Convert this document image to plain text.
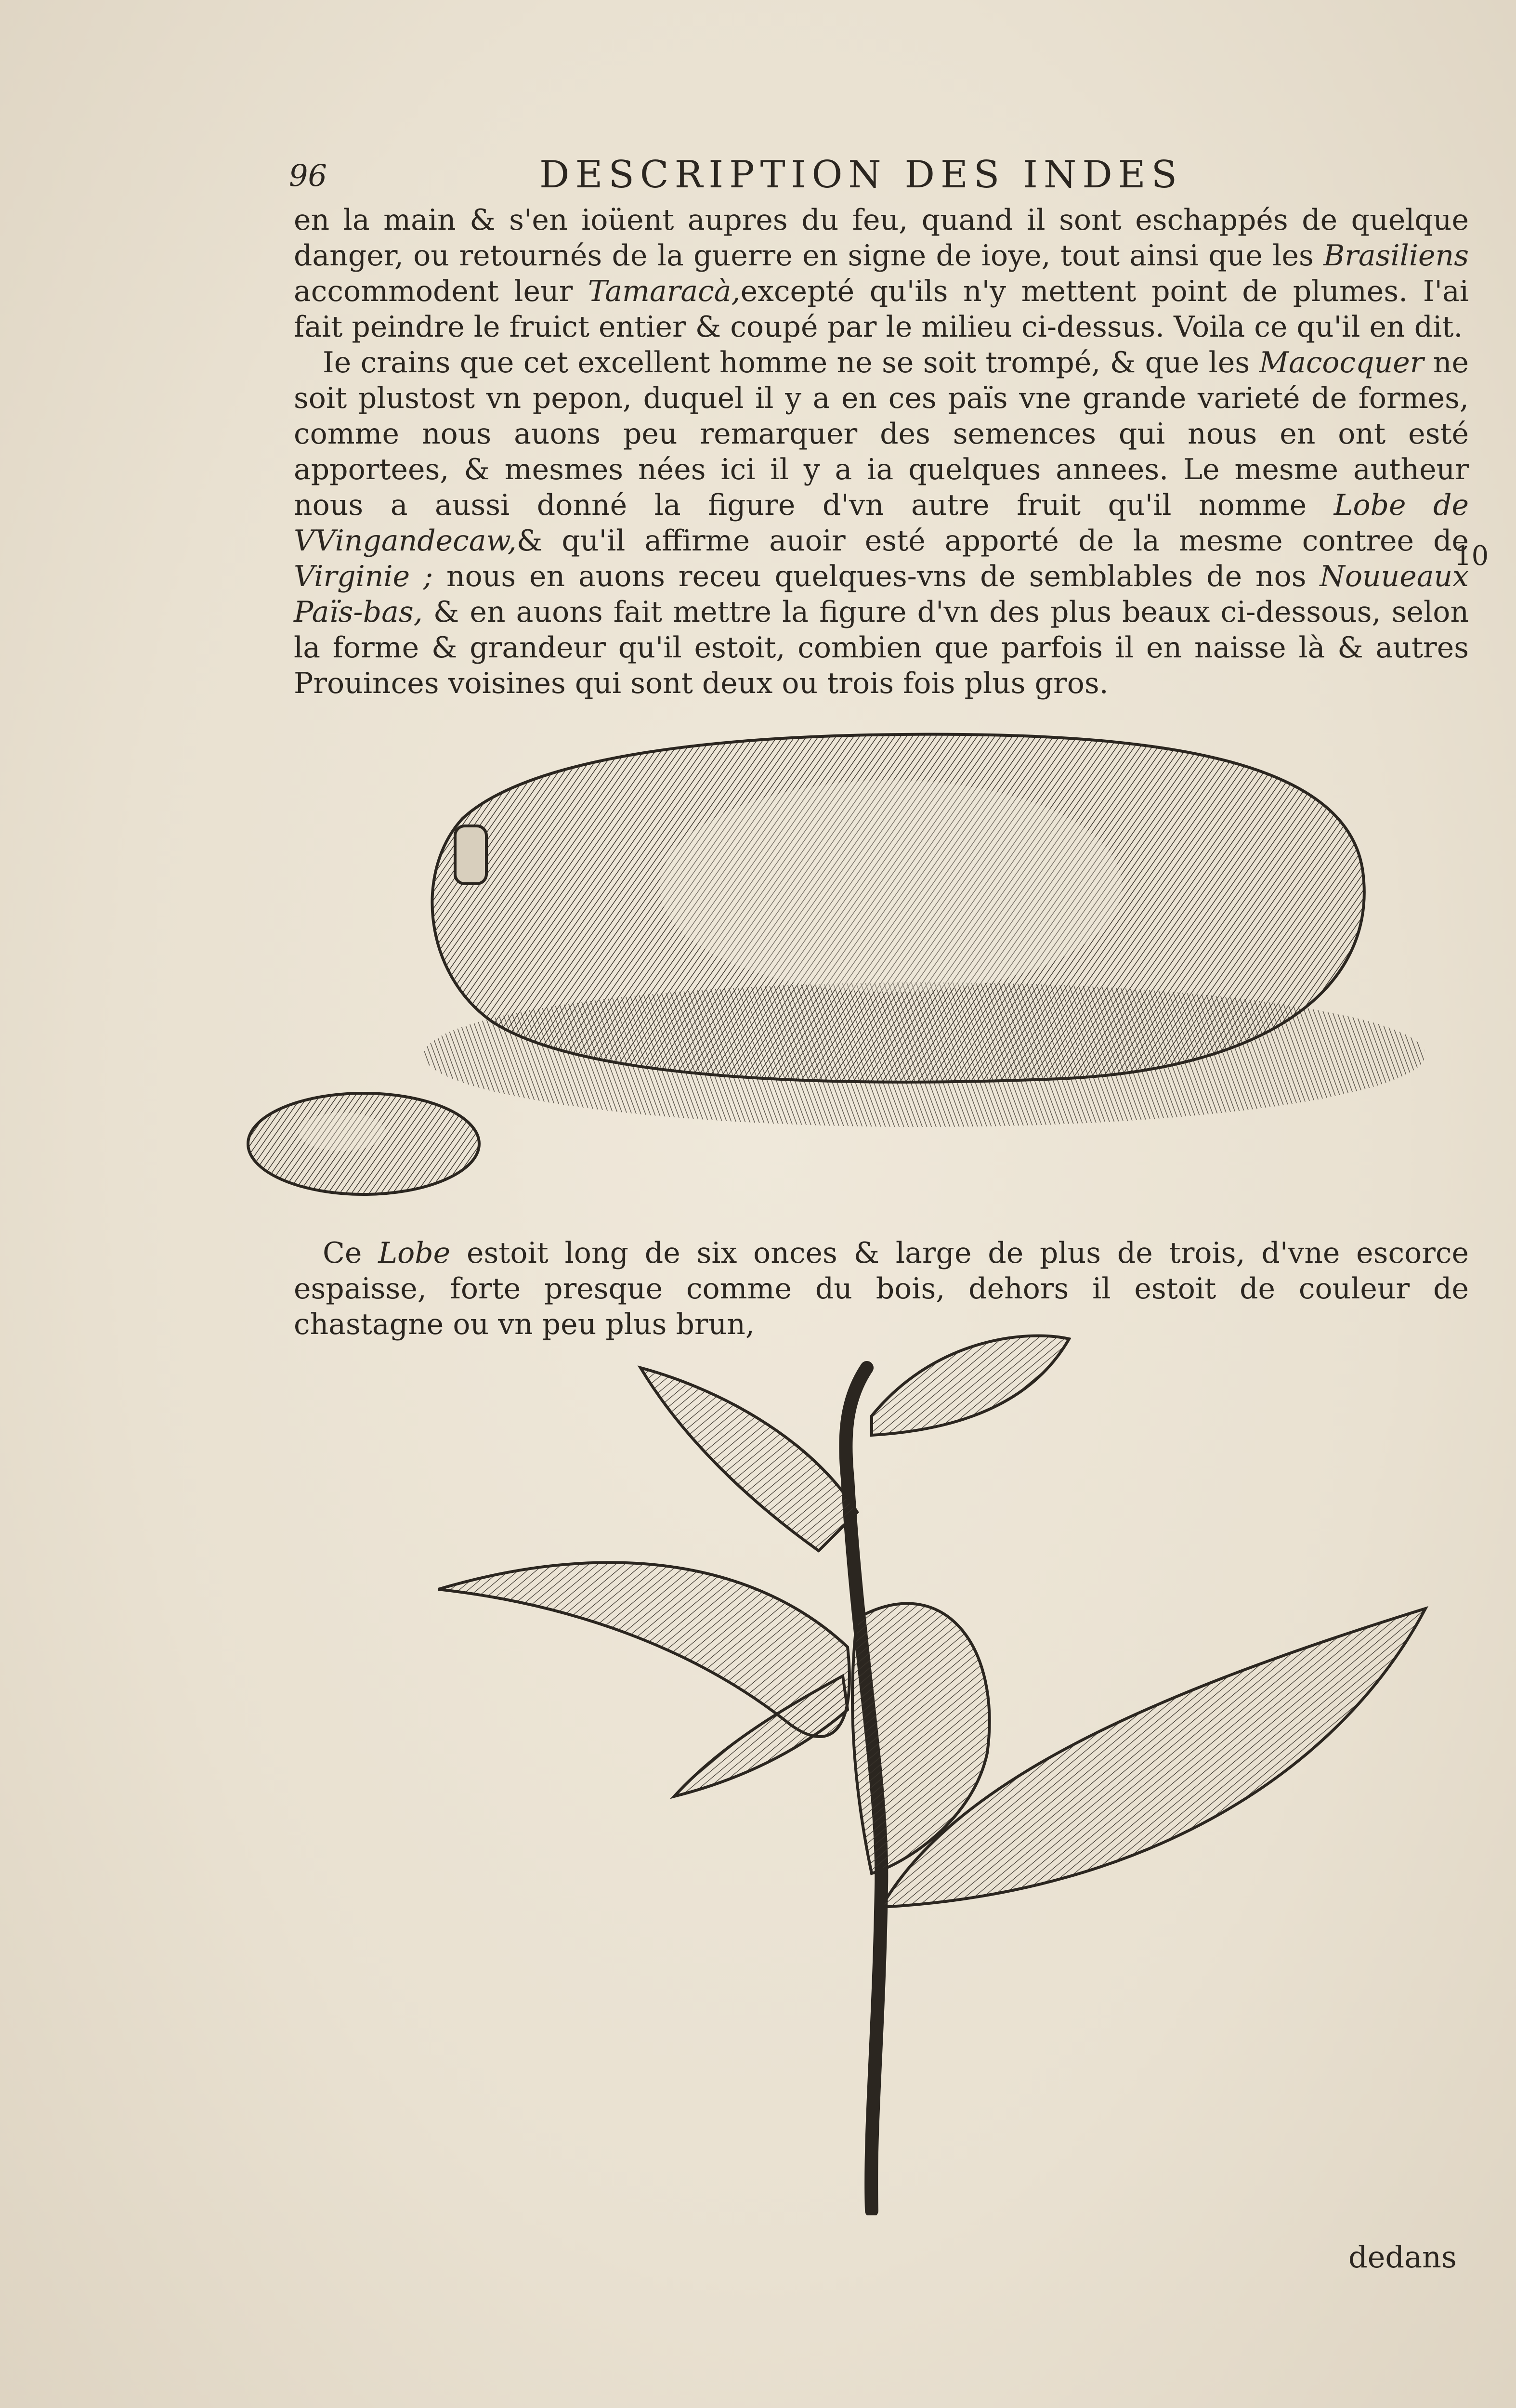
96	DESCRIPTION DES INDES

en la main & s'en ioüent aupres du feu, quand il sont eschappés de quelque danger, ou retournés de la guerre en signe de ioye, tout ainsi que les Brasiliens accommodent leur Tamaracà,excepté qu'ils n'y mettent point de plumes. I'ai fait peindre le fruict entier & coupé par le milieu ci-dessus. Voila ce qu'il en dit.

Ie crains que cet excellent homme ne se soit trompé, & que les Macocquer ne soit plustost vn pepon, duquel il y a en ces païs vne grande varieté de formes, comme nous auons peu remarquer des semences qui nous en ont esté apportees, & mesmes nées ici il y a ia quelques annees. Le mesme autheur nous a aussi donné la figure d'vn autre fruit qu'il nomme Lobe de VVingandecaw,& qu'il affirme auoir esté apporté de la mesme contree de Virginie ; nous en auons receu quelques-vns de semblables de nos Nouueaux Païs-bas, & en auons fait mettre la figure d'vn des plus beaux ci-dessous, selon la forme & grandeur qu'il estoit, combien que parfois il en naisse là & autres Prouinces voisines qui sont deux ou trois fois plus gros.

10

Ce Lobe estoit long de six onces & large de plus de trois, d'vne escorce espaisse, forte presque comme du bois, dehors il estoit de couleur de chastagne ou vn peu plus brun,

dedans
